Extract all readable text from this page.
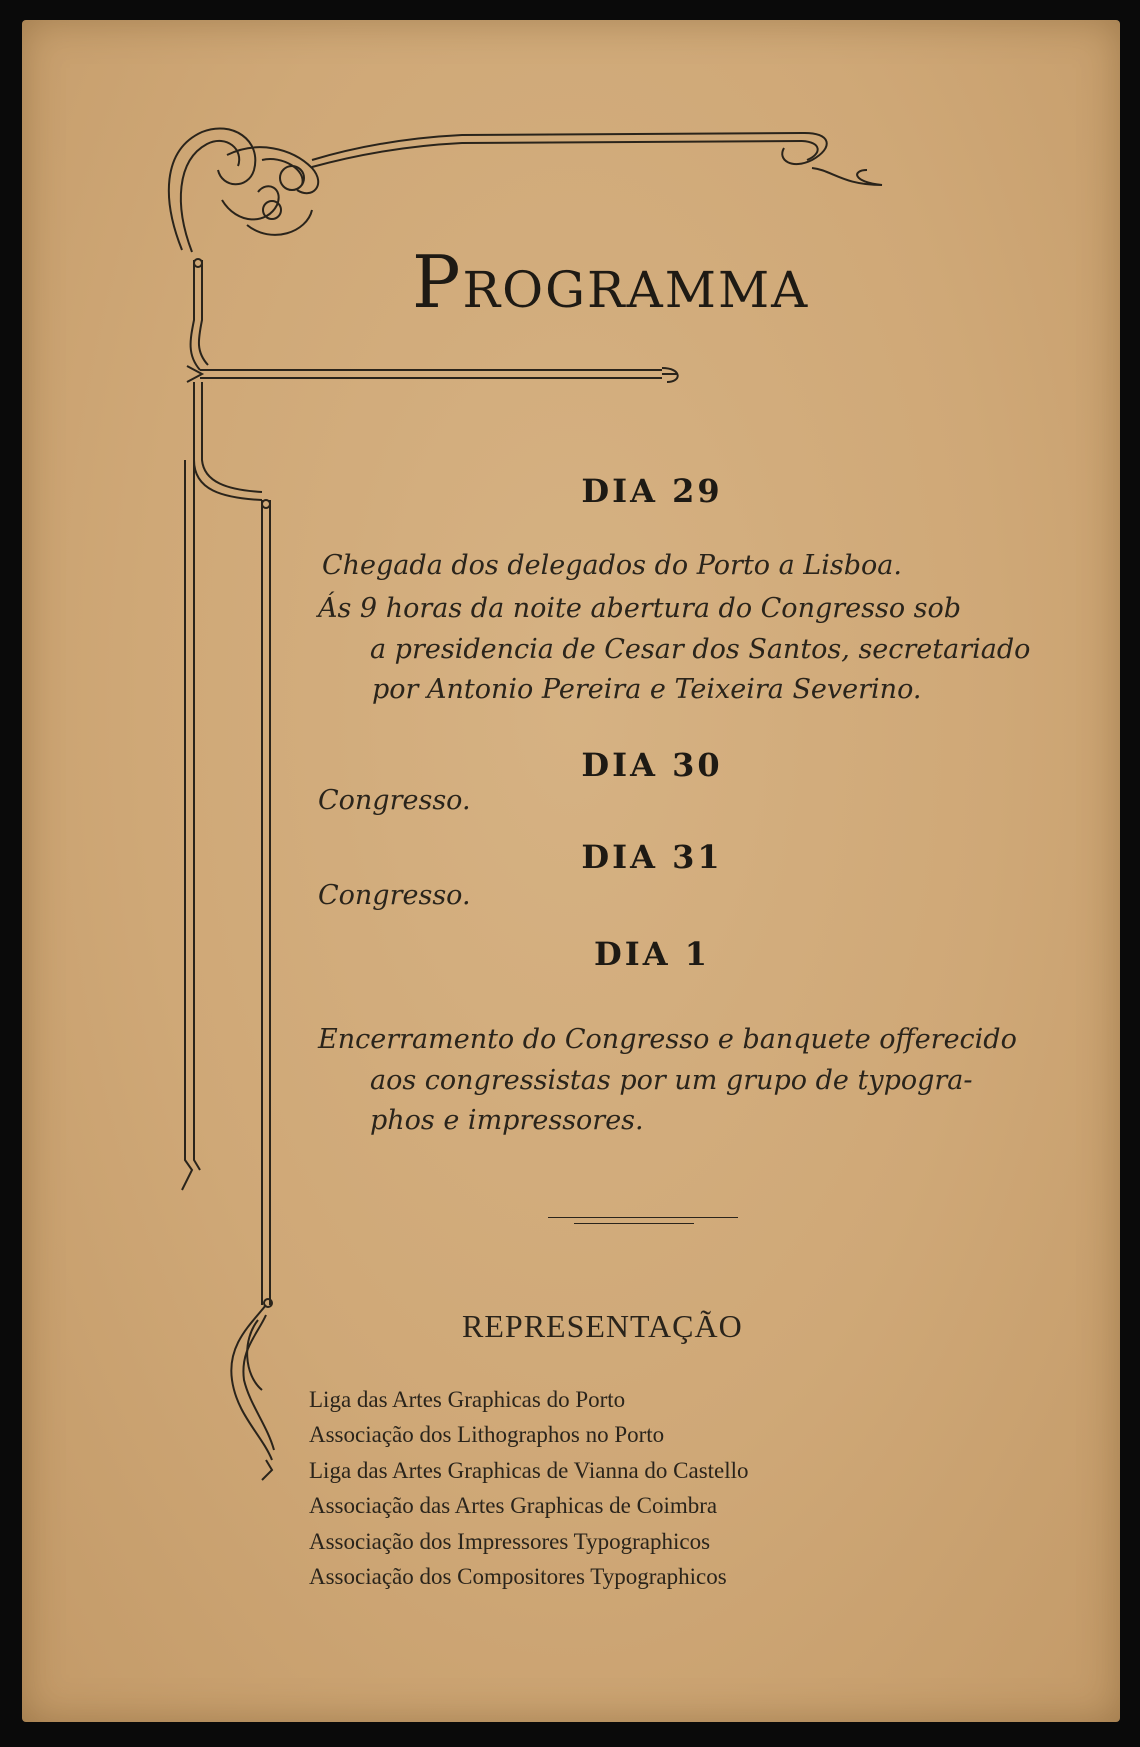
Programma
DIA 29
Chegada dos delegados do Porto a Lisboa.
Ás 9 horas da noite abertura do Congresso sob
a presidencia de Cesar dos Santos, secretariado
por Antonio Pereira e Teixeira Severino.
DIA 30
Congresso.
DIA 31
Congresso.
DIA 1
Encerramento do Congresso e banquete offerecido
aos congressistas por um grupo de typogra-
phos e impressores.
REPRESENTAÇÃO
Liga das Artes Graphicas do Porto
Associação dos Lithographos no Porto
Liga das Artes Graphicas de Vianna do Castello
Associação das Artes Graphicas de Coimbra
Associação dos Impressores Typographicos
Associação dos Compositores Typographicos
